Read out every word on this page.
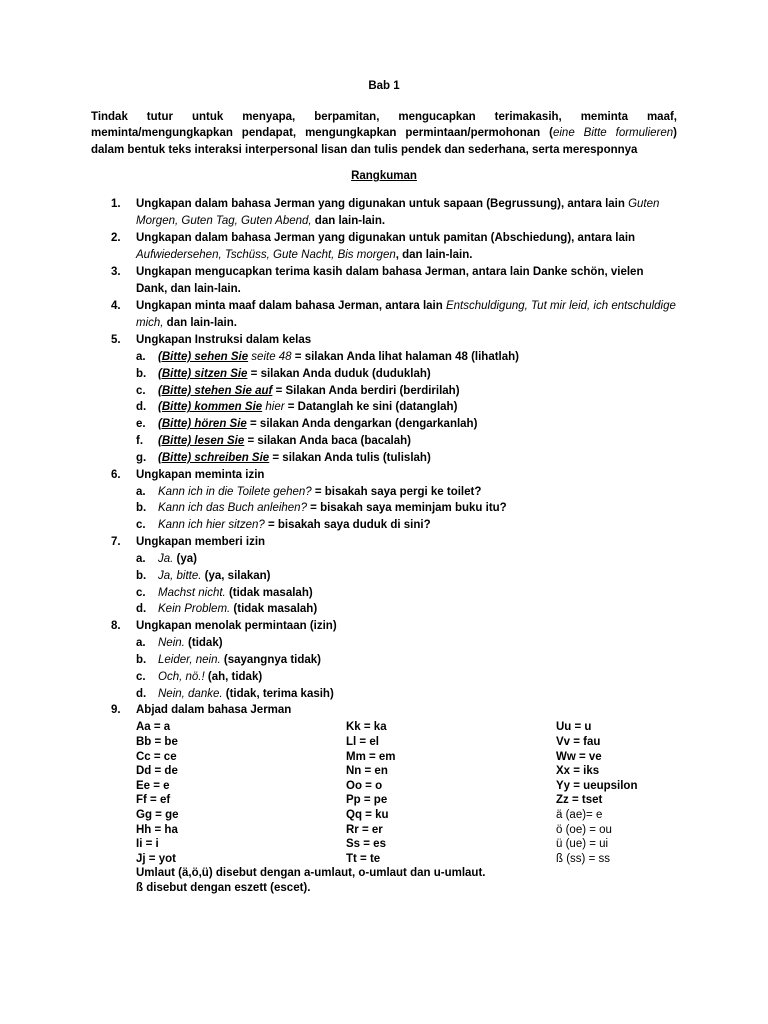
Bab 1
Tindak tutur untuk menyapa, berpamitan, mengucapkan terimakasih, meminta maaf, meminta/mengungkapkan pendapat, mengungkapkan permintaan/permohonan (eine Bitte formulieren) dalam bentuk teks interaksi interpersonal lisan dan tulis pendek dan sederhana, serta meresponnya
Rangkuman
1.	Ungkapan dalam bahasa Jerman yang digunakan untuk sapaan (Begrussung), antara lain Guten Morgen, Guten Tag, Guten Abend, dan lain-lain.
2.	Ungkapan dalam bahasa Jerman yang digunakan untuk pamitan (Abschiedung), antara lain Aufwiedersehen, Tschüss, Gute Nacht, Bis morgen, dan lain-lain.
3.	Ungkapan mengucapkan terima kasih dalam bahasa Jerman, antara lain Danke schön, vielen Dank, dan lain-lain.
4.	Ungkapan minta maaf dalam bahasa Jerman, antara lain Entschuldigung, Tut mir leid, ich entschuldige mich, dan lain-lain.
5.	Ungkapan Instruksi dalam kelas
a. (Bitte) sehen Sie seite 48 = silakan Anda lihat halaman 48 (lihatlah)
b. (Bitte) sitzen Sie = silakan Anda duduk (duduklah)
c. (Bitte) stehen Sie auf = Silakan Anda berdiri (berdirilah)
d. (Bitte) kommen Sie hier = Datanglah ke sini (datanglah)
e. (Bitte) hören Sie = silakan Anda dengarkan (dengarkanlah)
f. (Bitte) lesen Sie = silakan Anda baca (bacalah)
g. (Bitte) schreiben Sie = silakan Anda tulis (tulislah)
6.	Ungkapan meminta izin
a. Kann ich in die Toilete gehen? = bisakah saya pergi ke toilet?
b. Kann ich das Buch anleihen? = bisakah saya meminjam buku itu?
c. Kann ich hier sitzen? = bisakah saya duduk di sini?
7.	Ungkapan memberi izin
a. Ja. (ya)
b. Ja, bitte. (ya, silakan)
c. Machst nicht. (tidak masalah)
d. Kein Problem. (tidak masalah)
8.	Ungkapan menolak permintaan (izin)
a. Nein. (tidak)
b. Leider, nein. (sayangnya tidak)
c. Och, nö.! (ah, tidak)
d. Nein, danke. (tidak, terima kasih)
9.	Abjad dalam bahasa Jerman
Aa = a	Kk = ka	Uu = u
Bb = be	Ll = el	Vv = fau
Cc = ce	Mm = em	Ww = ve
Dd = de	Nn = en	Xx = iks
Ee = e	Oo = o	Yy = ueupsilon
Ff = ef	Pp = pe	Zz = tset
Gg = ge	Qq = ku	ä (ae)= e
Hh = ha	Rr = er	ö (oe) = ou
Ii = i	Ss = es	ü (ue) = ui
Jj = yot	Tt = te	ß (ss) = ss
Umlaut (ä,ö,ü) disebut dengan a-umlaut, o-umlaut dan u-umlaut.
ß disebut dengan eszett (escet).
